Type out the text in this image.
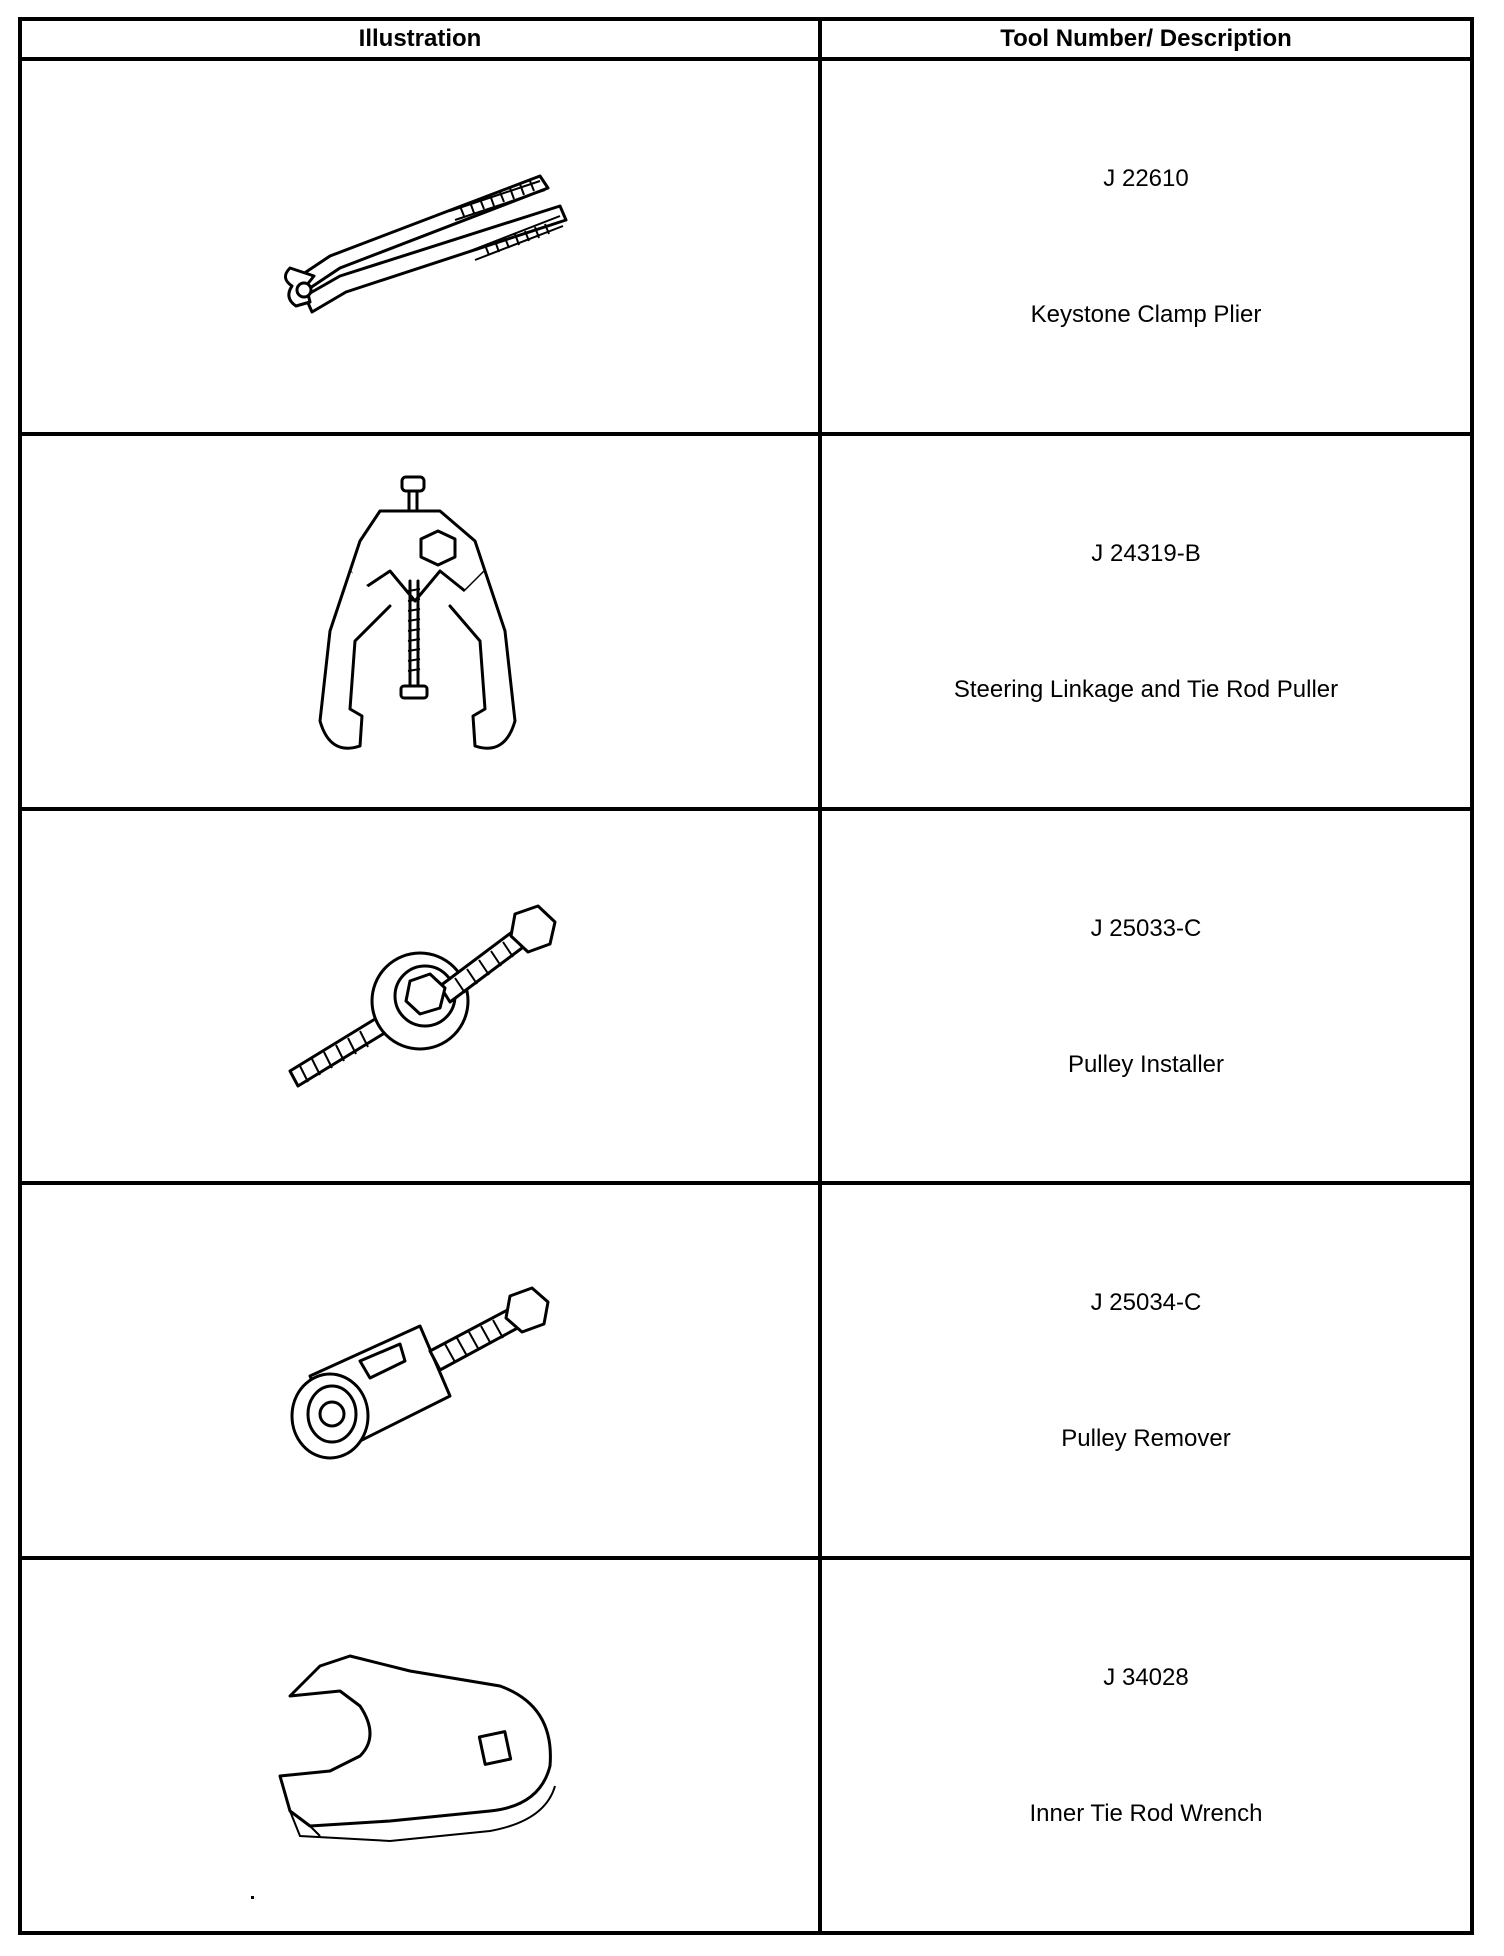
Illustration	Tool Number/ Description

J 22610
Keystone Clamp Plier

J 24319-B
Steering Linkage and Tie Rod Puller

J 25033-C
Pulley Installer

J 25034-C
Pulley Remover

J 34028
Inner Tie Rod Wrench
